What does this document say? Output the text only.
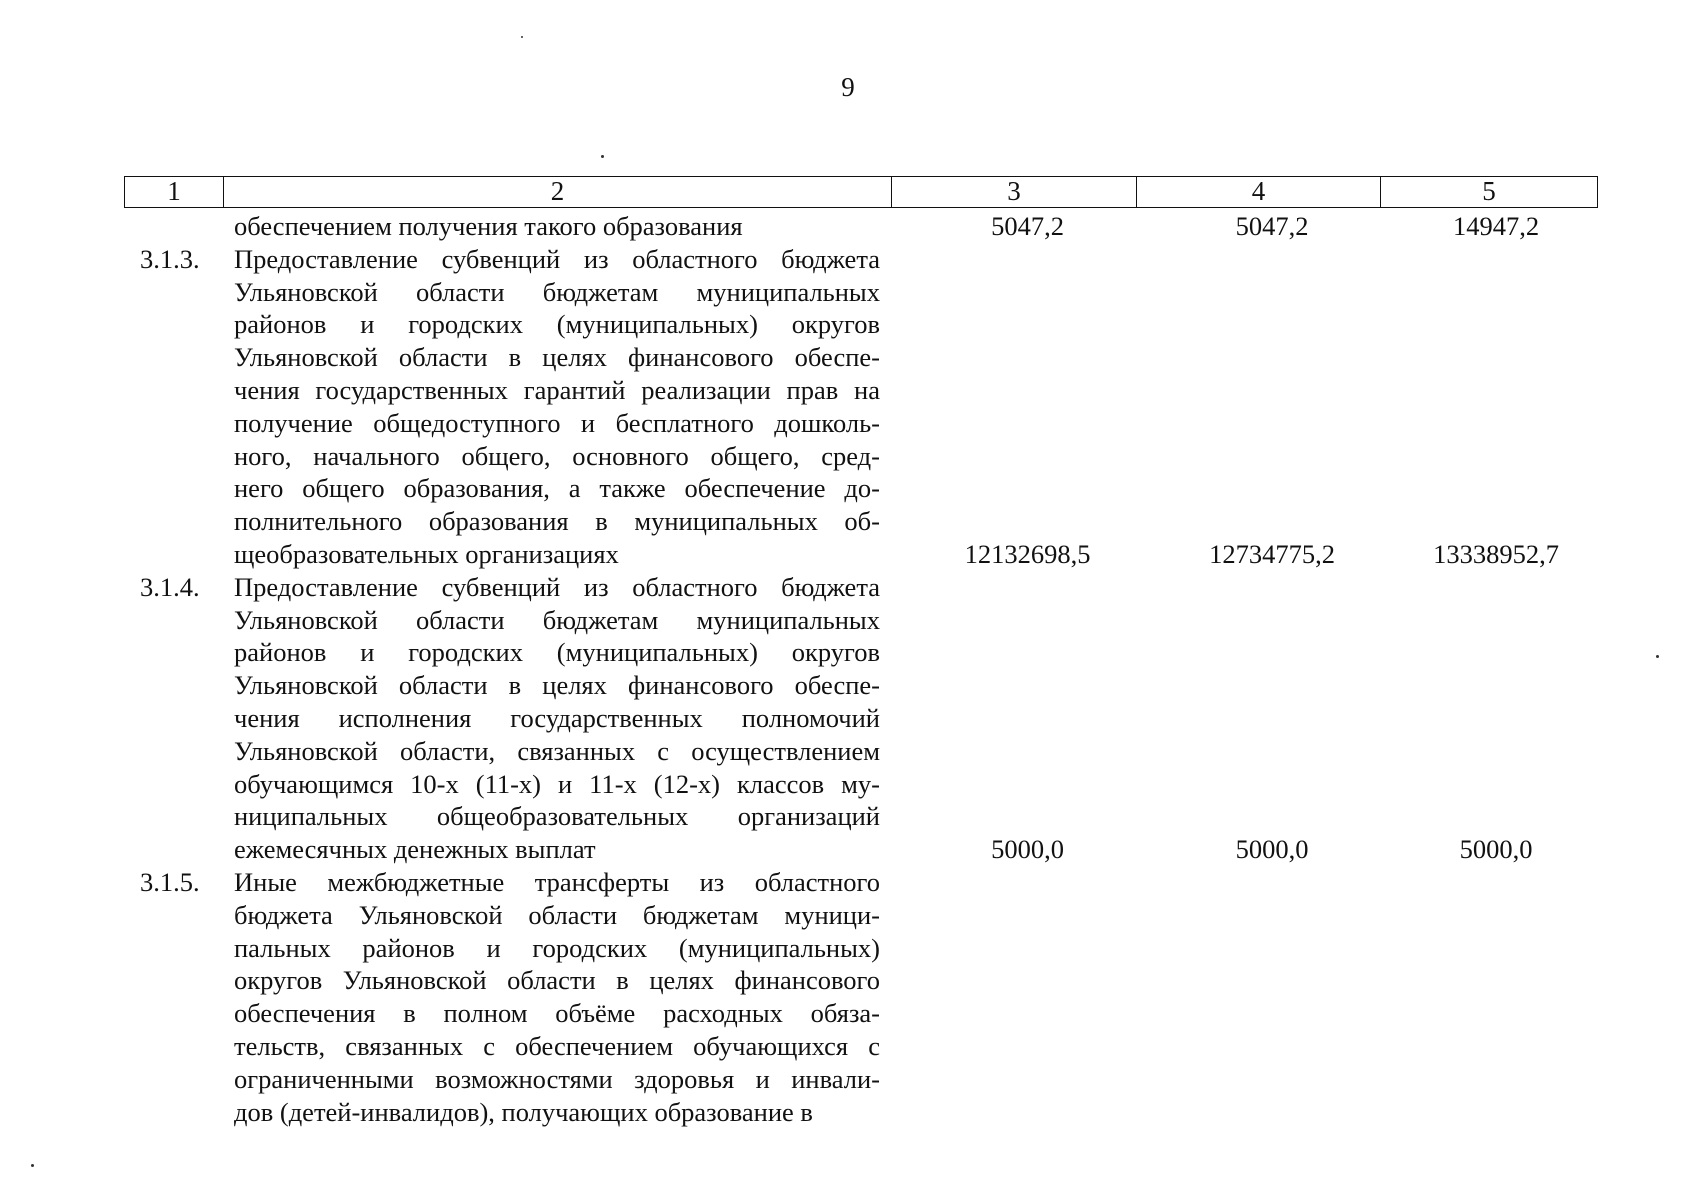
9
1	2	3	4	5
обеспечением получения такого образования	5047,2	5047,2	14947,2
3.1.3. Предоставление субвенций из областного бюджета
Ульяновской области бюджетам муниципальных
районов и городских (муниципальных) округов
Ульяновской области в целях финансового обеспе-
чения государственных гарантий реализации прав на
получение общедоступного и бесплатного дошколь-
ного, начального общего, основного общего, сред-
него общего образования, а также обеспечение до-
полнительного образования в муниципальных об-
щеобразовательных организациях	12132698,5	12734775,2	13338952,7
3.1.4. Предоставление субвенций из областного бюджета
Ульяновской области бюджетам муниципальных
районов и городских (муниципальных) округов
Ульяновской области в целях финансового обеспе-
чения исполнения государственных полномочий
Ульяновской области, связанных с осуществлением
обучающимся 10-х (11-х) и 11-х (12-х) классов му-
ниципальных общеобразовательных организаций
ежемесячных денежных выплат	5000,0	5000,0	5000,0
3.1.5. Иные межбюджетные трансферты из областного
бюджета Ульяновской области бюджетам муници-
пальных районов и городских (муниципальных)
округов Ульяновской области в целях финансового
обеспечения в полном объёме расходных обяза-
тельств, связанных с обеспечением обучающихся с
ограниченными возможностями здоровья и инвали-
дов (детей-инвалидов), получающих образование в
